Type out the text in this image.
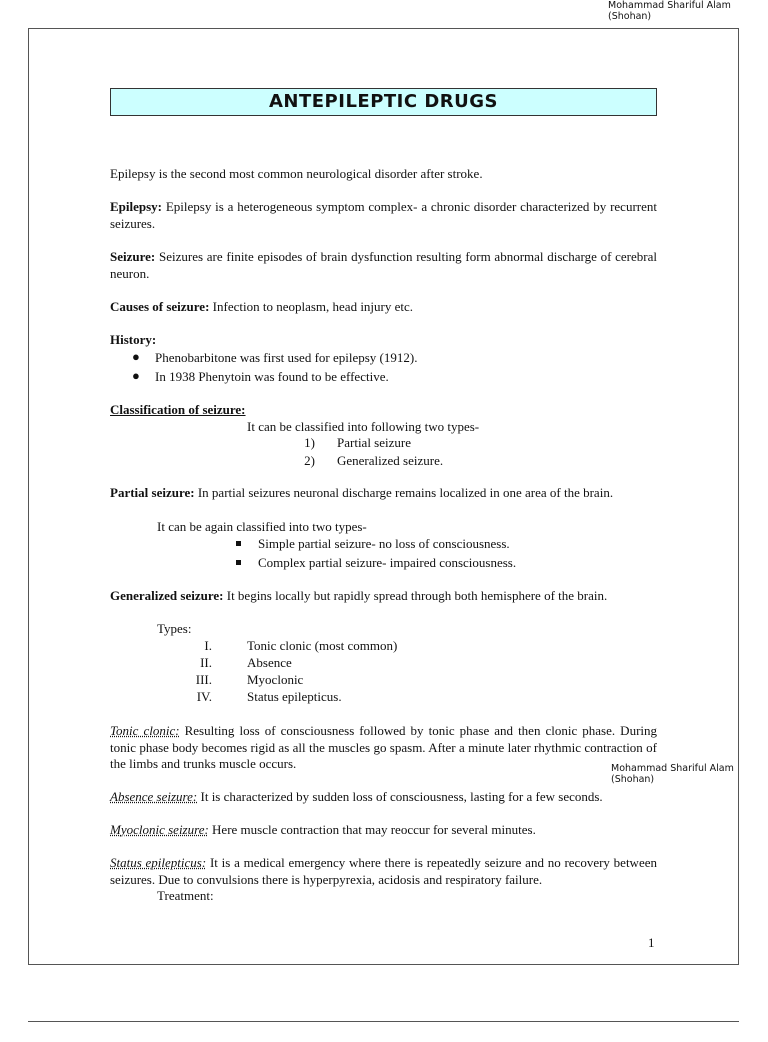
Mohammad Shariful Alam
(Shohan)
ANTEPILEPTIC DRUGS
Epilepsy is the second most common neurological disorder after stroke.
Epilepsy: Epilepsy is a heterogeneous symptom complex- a chronic disorder characterized by recurrent seizures.
Seizure: Seizures are finite episodes of brain dysfunction resulting form abnormal discharge of cerebral neuron.
Causes of seizure: Infection to neoplasm, head injury etc.
History:
● Phenobarbitone was first used for epilepsy (1912).
● In 1938 Phenytoin was found to be effective.
Classification of seizure:
It can be classified into following two types-
1) Partial seizure
2) Generalized seizure.
Partial seizure: In partial seizures neuronal discharge remains localized in one area of the brain.
It can be again classified into two types-
Simple partial seizure- no loss of consciousness.
Complex partial seizure- impaired consciousness.
Generalized seizure: It begins locally but rapidly spread through both hemisphere of the brain.
Types:
I.	Tonic clonic (most common)
II.	Absence
III.	Myoclonic
IV.	Status epilepticus.
Tonic clonic: Resulting loss of consciousness followed by tonic phase and then clonic phase. During tonic phase body becomes rigid as all the muscles go spasm. After a minute later rhythmic contraction of the limbs and trunks muscle occurs.	Mohammad Shariful Alam
(Shohan)
Absence seizure: It is characterized by sudden loss of consciousness, lasting for a few seconds.
Myoclonic seizure: Here muscle contraction that may reoccur for several minutes.
Status epilepticus: It is a medical emergency where there is repeatedly seizure and no recovery between seizures. Due to convulsions there is hyperpyrexia, acidosis and respiratory failure.
Treatment:
1
